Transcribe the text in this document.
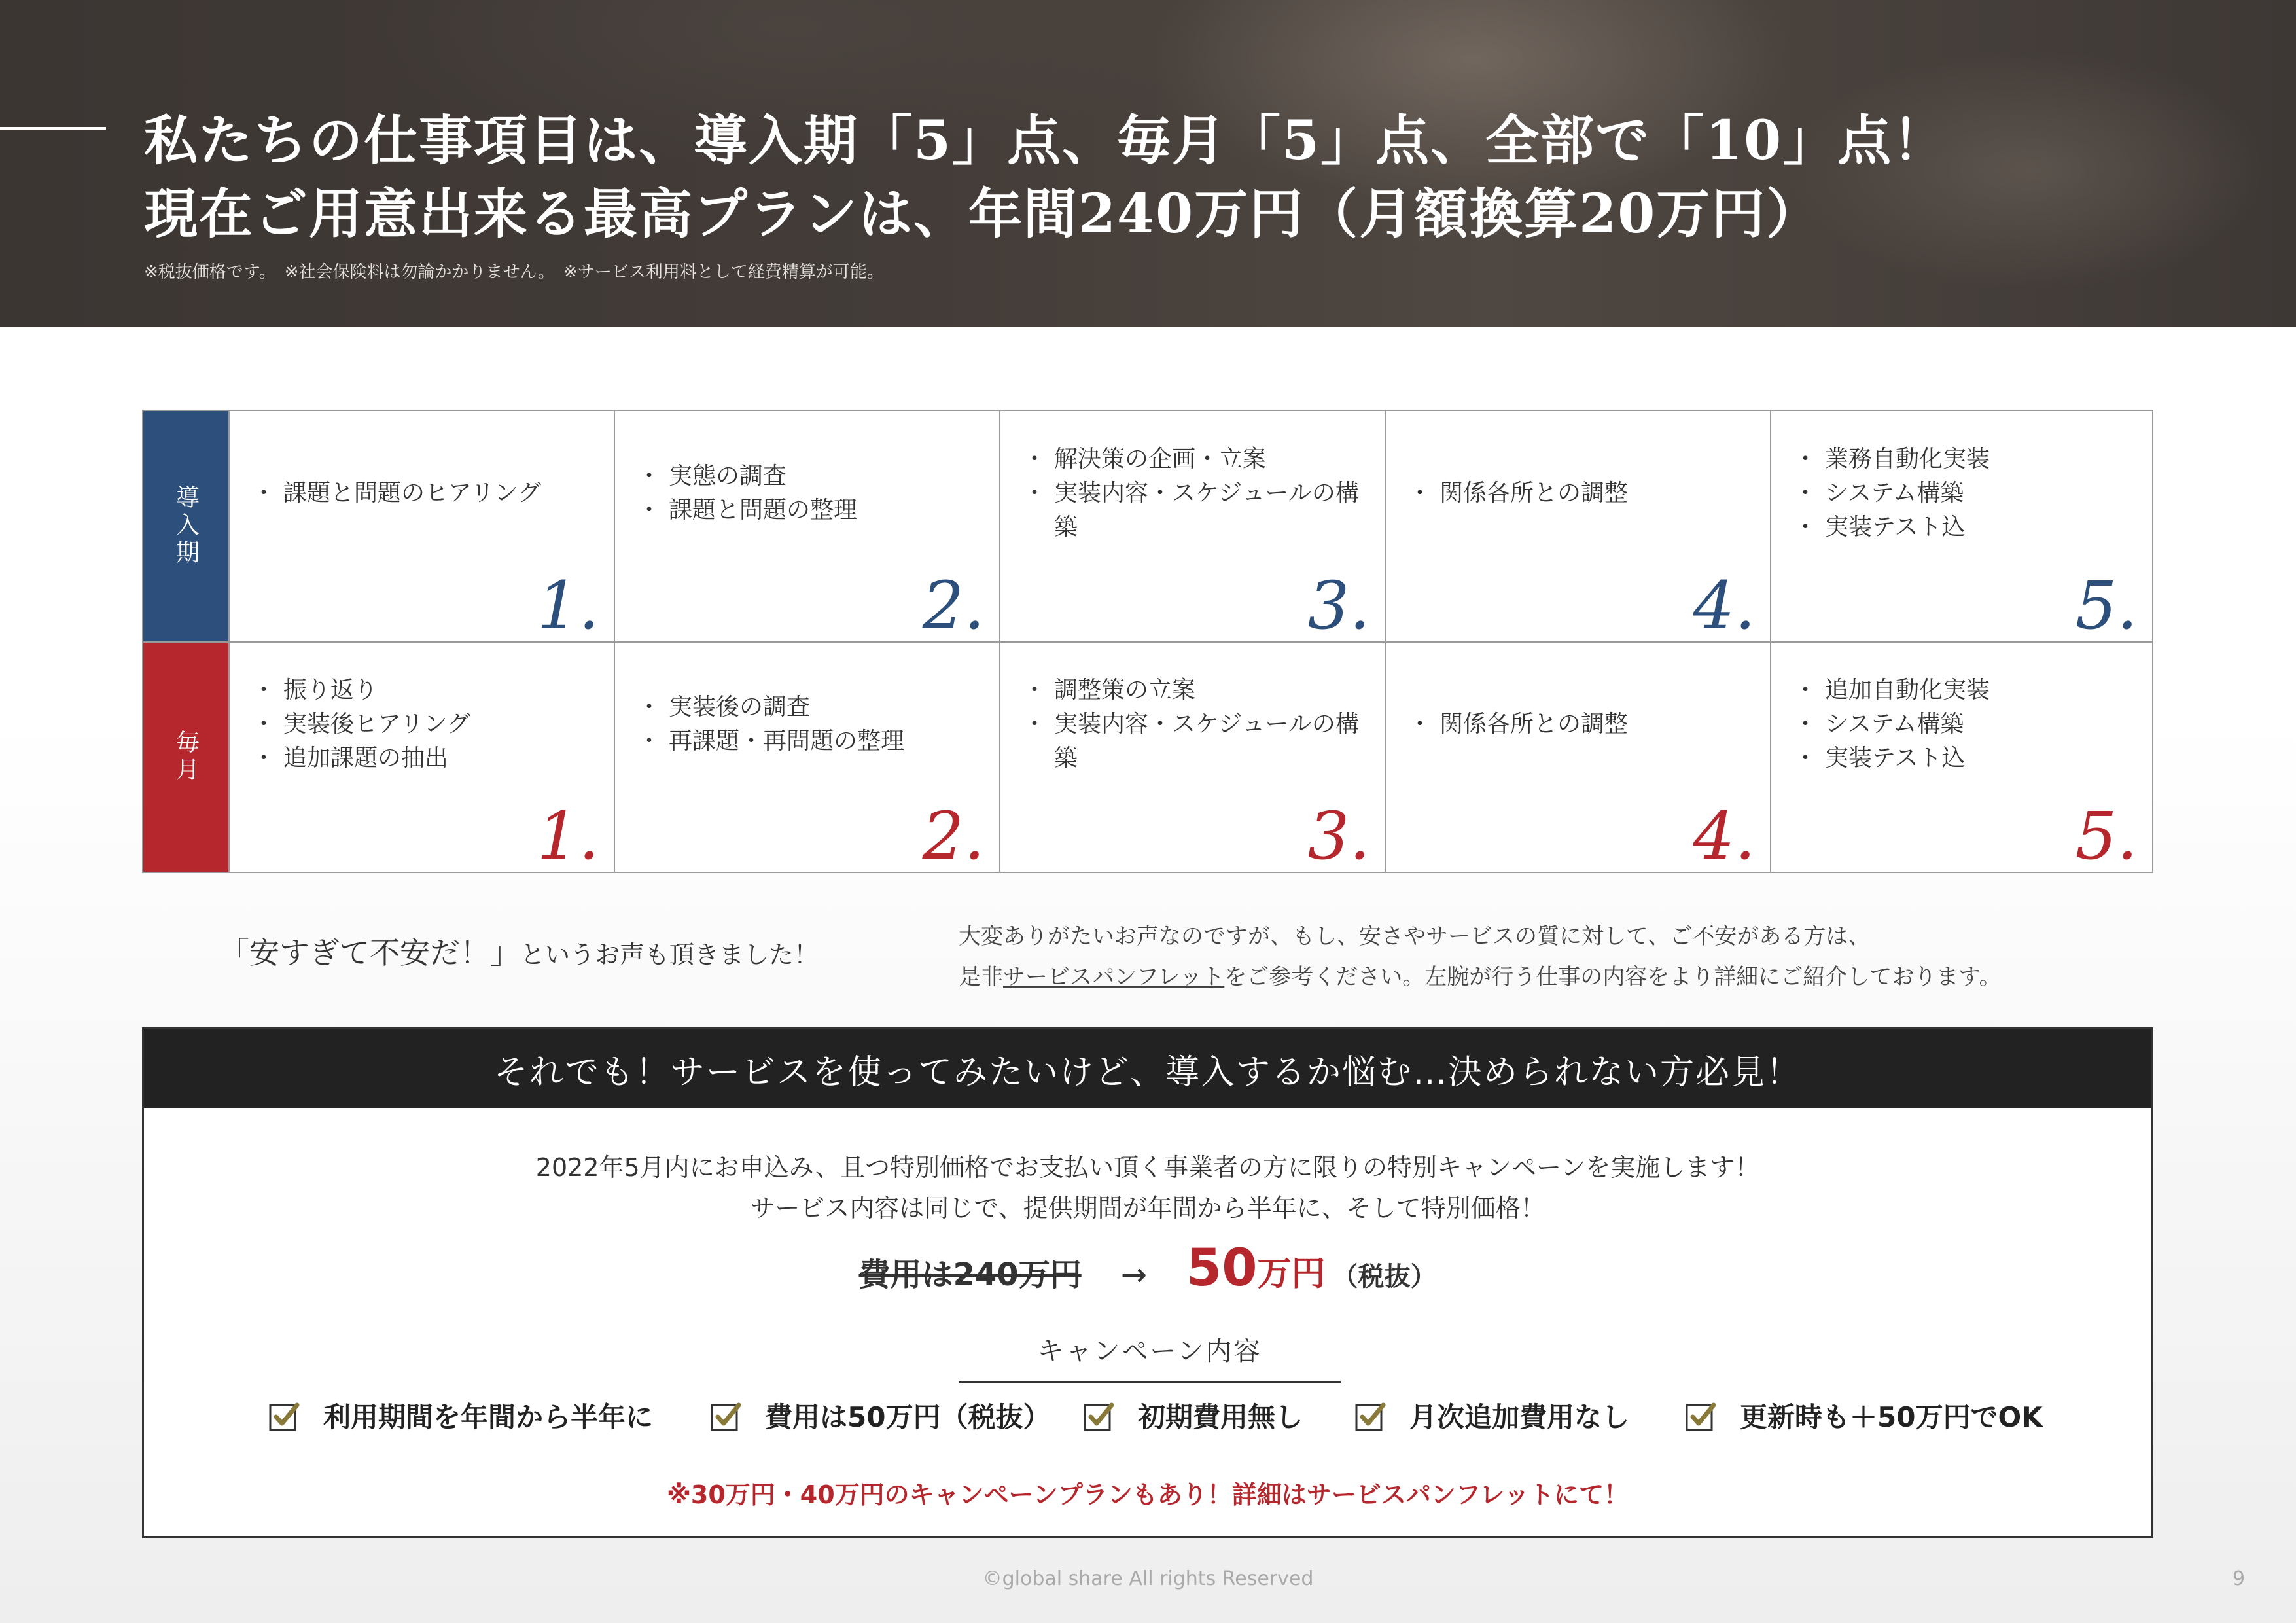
私たちの仕事項目は、導入期「5」点、毎月「5」点、全部で「10」点！
現在ご用意出来る最高プランは、年間240万円（月額換算20万円）
※税抜価格です。　※社会保険料は勿論かかりません。　※サービス利用料として経費精算が可能。
導入期
・	課題と問題のヒアリング
1.
・ 実態の調査
・ 課題と問題の整理
2.
・ 解決策の企画・立案
・ 実装内容・スケジュールの構築
3.
・ 関係各所との調整
4.
・ 業務自動化実装
・ システム構築
・ 実装テスト込
5.
毎月
・ 振り返り
・ 実装後ヒアリング
・ 追加課題の抽出
1.
・ 実装後の調査
・ 再課題・再問題の整理
2.
・ 調整策の立案
・ 実装内容・スケジュールの構築
3.
・ 関係各所との調整
4.
・ 追加自動化実装
・ システム構築
・ 実装テスト込
5.
「安すぎて不安だ！」というお声も頂きました！
大変ありがたいお声なのですが、もし、安さやサービスの質に対して、ご不安がある方は、
是非サービスパンフレットをご参考ください。左腕が行う仕事の内容をより詳細にご紹介しております。
それでも！サービスを使ってみたいけど、導入するか悩む…決められない方必見！
2022年5月内にお申込み、且つ特別価格でお支払い頂く事業者の方に限りの特別キャンペーンを実施します！
サービス内容は同じで、提供期間が年間から半年に、そして特別価格！
費用は240万円 → 50万円 （税抜）
キャンペーン内容
利用期間を年間から半年に	費用は50万円（税抜）	初期費用無し	月次追加費用なし	更新時も＋50万円でOK
※30万円・40万円のキャンペーンプランもあり！詳細はサービスパンフレットにて！
©global share All rights Reserved	9
